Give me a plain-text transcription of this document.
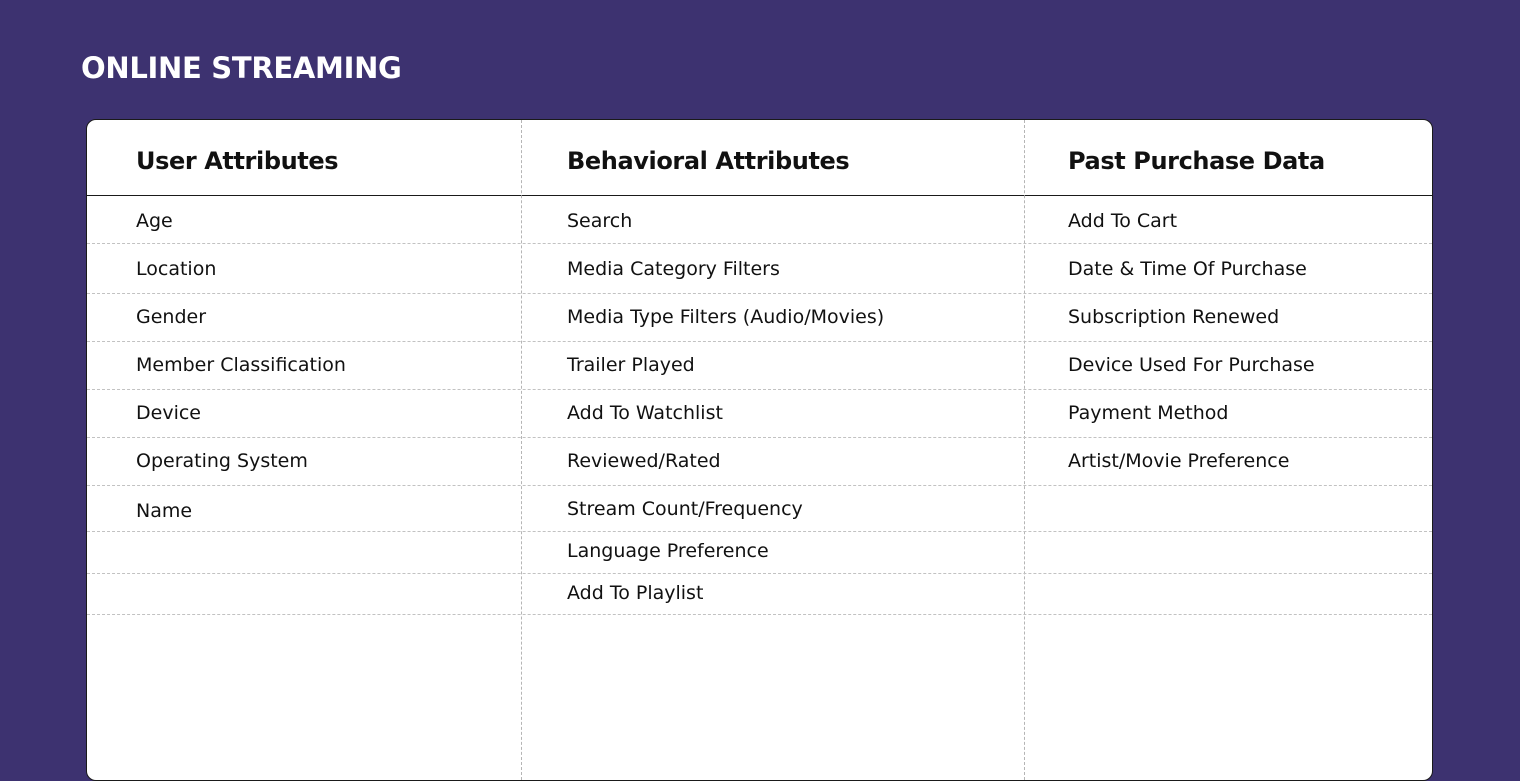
ONLINE STREAMING
User Attributes	Behavioral Attributes	Past Purchase Data
Age
Location
Gender
Member Classification
Device
Operating System
Name
Search
Media Category Filters
Media Type Filters (Audio/Movies)
Trailer Played
Add To Watchlist
Reviewed/Rated
Stream Count/Frequency
Language Preference
Add To Playlist
Add To Cart
Date & Time Of Purchase
Subscription Renewed
Device Used For Purchase
Payment Method
Artist/Movie Preference
